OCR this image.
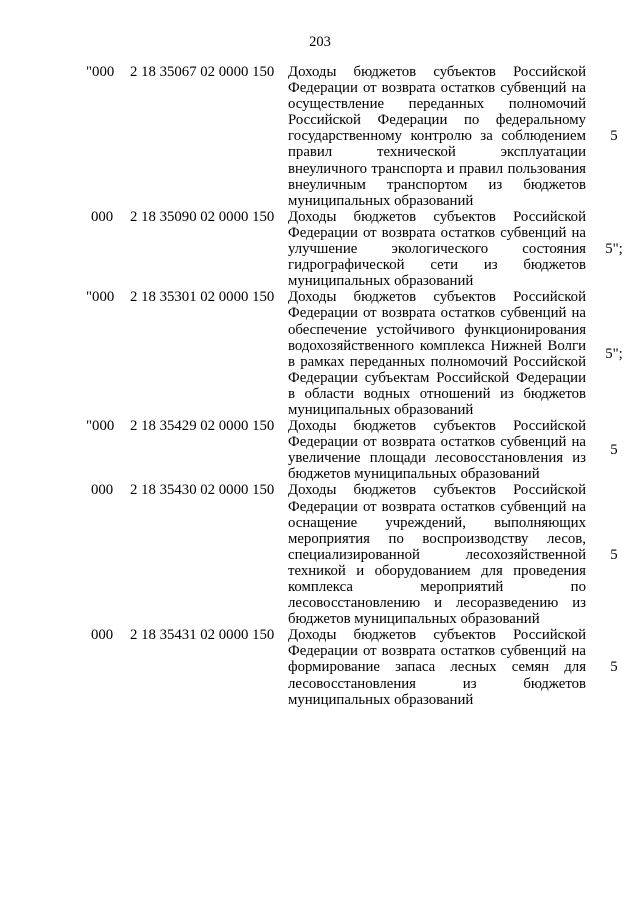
203
"000 2 18 35067 02 0000 150 Доходы бюджетов субъектов Российской Федерации от возврата остатков субвенций на осуществление переданных полномочий Российской Федерации по федеральному государственному контролю за соблюдением правил технической эксплуатации внеуличного транспорта и правил пользования внеуличным транспортом из бюджетов муниципальных образований
5
000 2 18 35090 02 0000 150 Доходы бюджетов субъектов Российской Федерации от возврата остатков субвенций на улучшение экологического состояния гидрографической сети из бюджетов муниципальных образований
5";
"000 2 18 35301 02 0000 150 Доходы бюджетов субъектов Российской Федерации от возврата остатков субвенций на обеспечение устойчивого функционирования водохозяйственного комплекса Нижней Волги в рамках переданных полномочий Российской Федерации субъектам Российской Федерации в области водных отношений из бюджетов муниципальных образований
5";
"000 2 18 35429 02 0000 150 Доходы бюджетов субъектов Российской Федерации от возврата остатков субвенций на увеличение площади лесовосстановления из бюджетов муниципальных образований
5
000 2 18 35430 02 0000 150 Доходы бюджетов субъектов Российской Федерации от возврата остатков субвенций на оснащение учреждений, выполняющих мероприятия по воспроизводству лесов, специализированной лесохозяйственной техникой и оборудованием для проведения комплекса мероприятий по лесовосстановлению и лесоразведению из бюджетов муниципальных образований
5
000 2 18 35431 02 0000 150 Доходы бюджетов субъектов Российской Федерации от возврата остатков субвенций на формирование запаса лесных семян для лесовосстановления из бюджетов муниципальных образований
5
